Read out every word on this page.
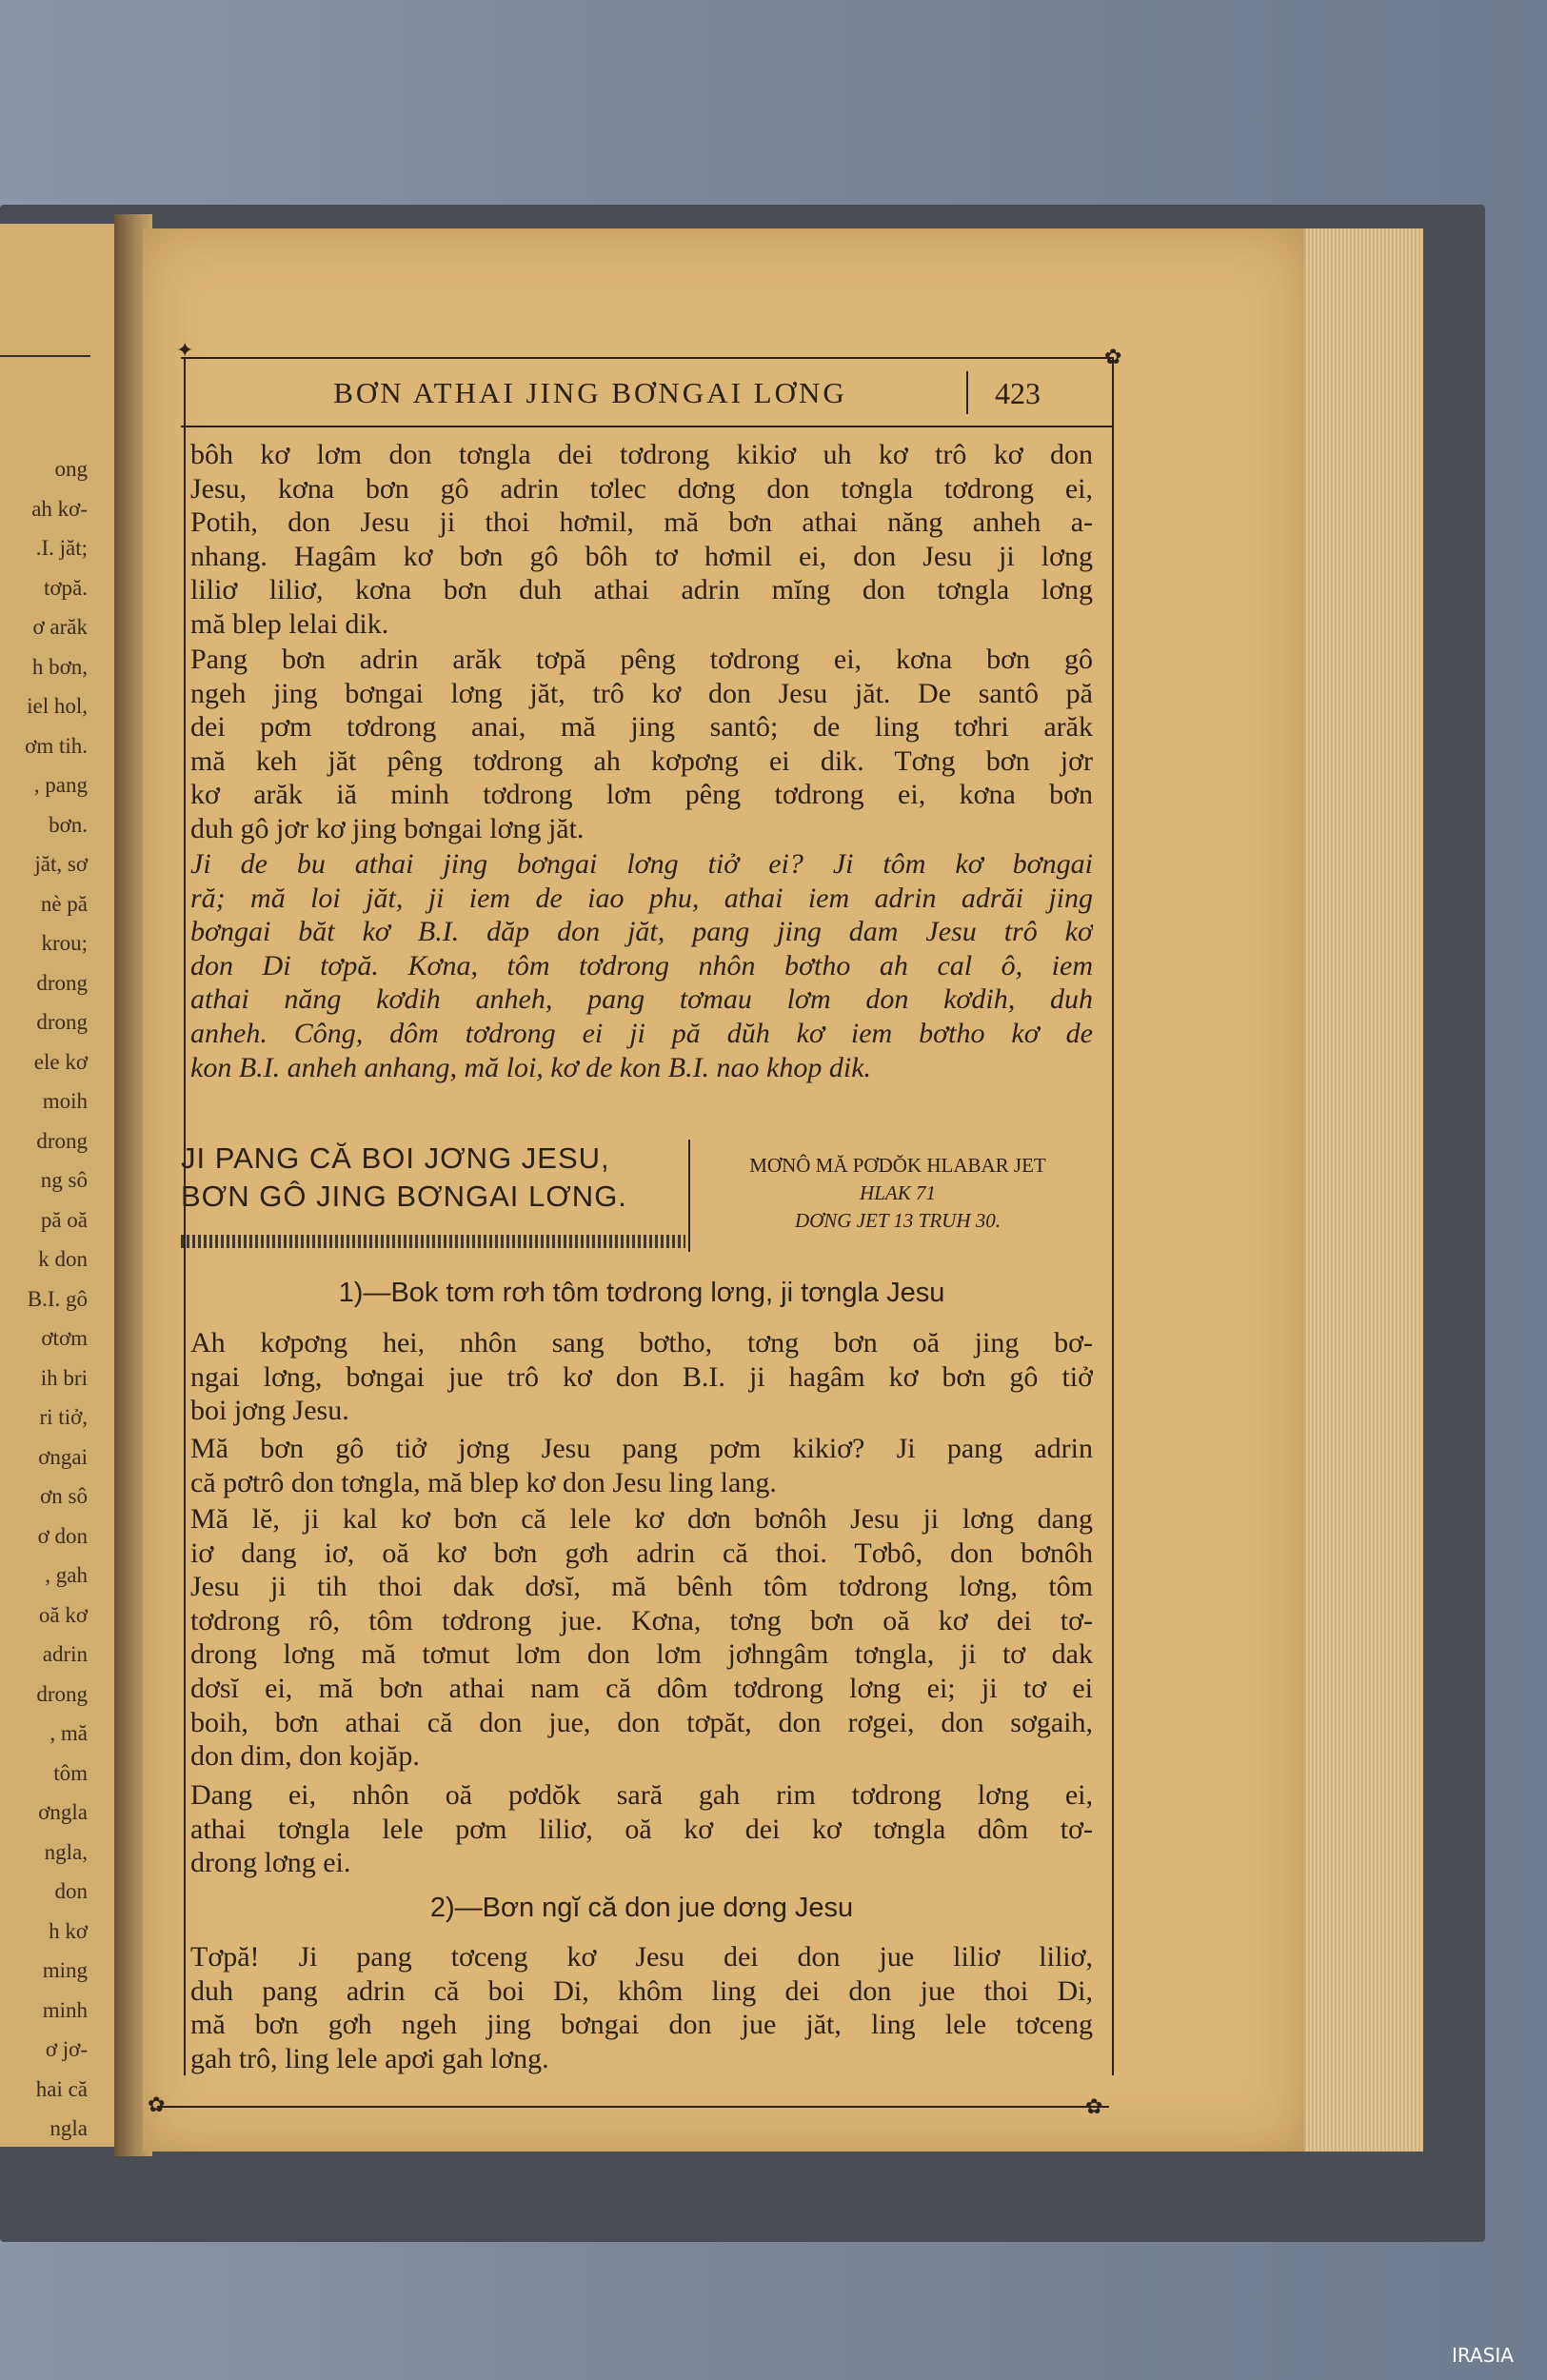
ong
ah kơ-
.I. jăt;
tơpă.
ơ arăk
h bơn,
iel hol,
ơm tih.
, pang
bơn.
jăt, sơ
nè pă
krou;
drong
drong
ele kơ
moih
drong
ng sô
pă oă
k don
B.I. gô
ơtơm
ih bri
ri tiở,
ơngai
ơn sô
ơ don
, gah
oă kơ
adrin
drong
, mă
tôm
ơngla
ngla,
don
h kơ
ming
minh
ơ jơ-
hai că
ngla
✦	✿
✿	✿
BƠN ATHAI JING BƠNGAI LƠNG	423
bôh kơ lơm don tơngla dei tơdrong kikiơ uh kơ trô kơ don
Jesu, kơna bơn gô adrin tơlec dơng don tơngla tơdrong ei,
Potih, don Jesu ji thoi hơmil, mă bơn athai năng anheh a-
nhang. Hagâm kơ bơn gô bôh tơ hơmil ei, don Jesu ji lơng
liliơ liliơ, kơna bơn duh athai adrin mĭng don tơngla lơng
mă blep lelai dik.
Pang bơn adrin arăk tơpă pêng tơdrong ei, kơna bơn gô
ngeh jing bơngai lơng jăt, trô kơ don Jesu jăt. De santô pă
dei pơm tơdrong anai, mă jing santô; de ling tơhri arăk
mă keh jăt pêng tơdrong ah kơpơng ei dik. Tơng bơn jơr
kơ arăk iă minh tơdrong lơm pêng tơdrong ei, kơna bơn
duh gô jơr kơ jing bơngai lơng jăt.
Ji de bu athai jing bơngai lơng tiở ei? Ji tôm kơ bơngai
ră; mă loi jăt, ji iem de iao phu, athai iem adrin adrăi jing
bơngai băt kơ B.I. dăp don jăt, pang jing dam Jesu trô kơ
don Di tơpă. Kơna, tôm tơdrong nhôn bơtho ah cal ô, iem
athai năng kơdih anheh, pang tơmau lơm don kơdih, duh
anheh. Công, dôm tơdrong ei ji pă dŭh kơ iem bơtho kơ de
kon B.I. anheh anhang, mă loi, kơ de kon B.I. nao khop dik.
JI PANG CĂ BOI JƠNG JESU,
BƠN GÔ JING BƠNGAI LƠNG.
MƠNÔ MĂ PƠDŎK HLABAR JET
HLAK 71
DƠNG JET 13 TRUH 30.
1)—Bok tơm rơh tôm tơdrong lơng, ji tơngla Jesu
Ah kơpơng hei, nhôn sang bơtho, tơng bơn oă jing bơ-
ngai lơng, bơngai jue trô kơ don B.I. ji hagâm kơ bơn gô tiở
boi jơng Jesu.
Mă bơn gô tiở jơng Jesu pang pơm kikiơ? Ji pang adrin
că pơtrô don tơngla, mă blep kơ don Jesu ling lang.
Mă lĕ, ji kal kơ bơn că lele kơ dơn bơnôh Jesu ji lơng dang
iơ dang iơ, oă kơ bơn gơh adrin că thoi. Tơbô, don bơnôh
Jesu ji tih thoi dak dơsĭ, mă bênh tôm tơdrong lơng, tôm
tơdrong rô, tôm tơdrong jue. Kơna, tơng bơn oă kơ dei tơ-
drong lơng mă tơmut lơm don lơm jơhngâm tơngla, ji tơ dak
dơsĭ ei, mă bơn athai nam că dôm tơdrong lơng ei; ji tơ ei
boih, bơn athai că don jue, don tơpăt, don rơgei, don sơgaih,
don dim, don kojăp.
Dang ei, nhôn oă pơdŏk sară gah rim tơdrong lơng ei,
athai tơngla lele pơm liliơ, oă kơ dei kơ tơngla dôm tơ-
drong lơng ei.
2)—Bơn ngĭ că don jue dơng Jesu
Tơpă! Ji pang tơceng kơ Jesu dei don jue liliơ liliơ,
duh pang adrin că boi Di, khôm ling dei don jue thoi Di,
mă bơn gơh ngeh jing bơngai don jue jăt, ling lele tơceng
gah trô, ling lele apơi gah lơng.
IRASIA
